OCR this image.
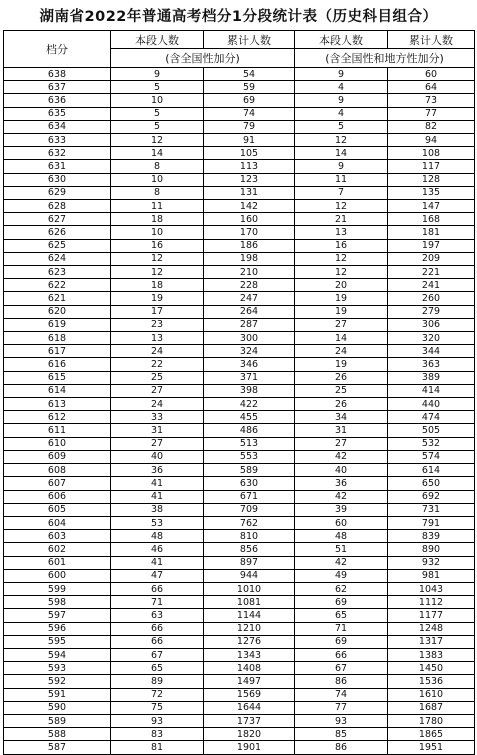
湖南省2022年普通高考档分1分段统计表（历史科目组合）
档分	本段人数	累计人数	本段人数	累计人数
	(含全国性加分)		(含全国性和地方性加分)	
638	9	54	9	60
637	5	59	4	64
636	10	69	9	73
635	5	74	4	77
634	5	79	5	82
633	12	91	12	94
632	14	105	14	108
631	8	113	9	117
630	10	123	11	128
629	8	131	7	135
628	11	142	12	147
627	18	160	21	168
626	10	170	13	181
625	16	186	16	197
624	12	198	12	209
623	12	210	12	221
622	18	228	20	241
621	19	247	19	260
620	17	264	19	279
619	23	287	27	306
618	13	300	14	320
617	24	324	24	344
616	22	346	19	363
615	25	371	26	389
614	27	398	25	414
613	24	422	26	440
612	33	455	34	474
611	31	486	31	505
610	27	513	27	532
609	40	553	42	574
608	36	589	40	614
607	41	630	36	650
606	41	671	42	692
605	38	709	39	731
604	53	762	60	791
603	48	810	48	839
602	46	856	51	890
601	41	897	42	932
600	47	944	49	981
599	66	1010	62	1043
598	71	1081	69	1112
597	63	1144	65	1177
596	66	1210	71	1248
595	66	1276	69	1317
594	67	1343	66	1383
593	65	1408	67	1450
592	89	1497	86	1536
591	72	1569	74	1610
590	75	1644	77	1687
589	93	1737	93	1780
588	83	1820	85	1865
587	81	1901	86	1951
